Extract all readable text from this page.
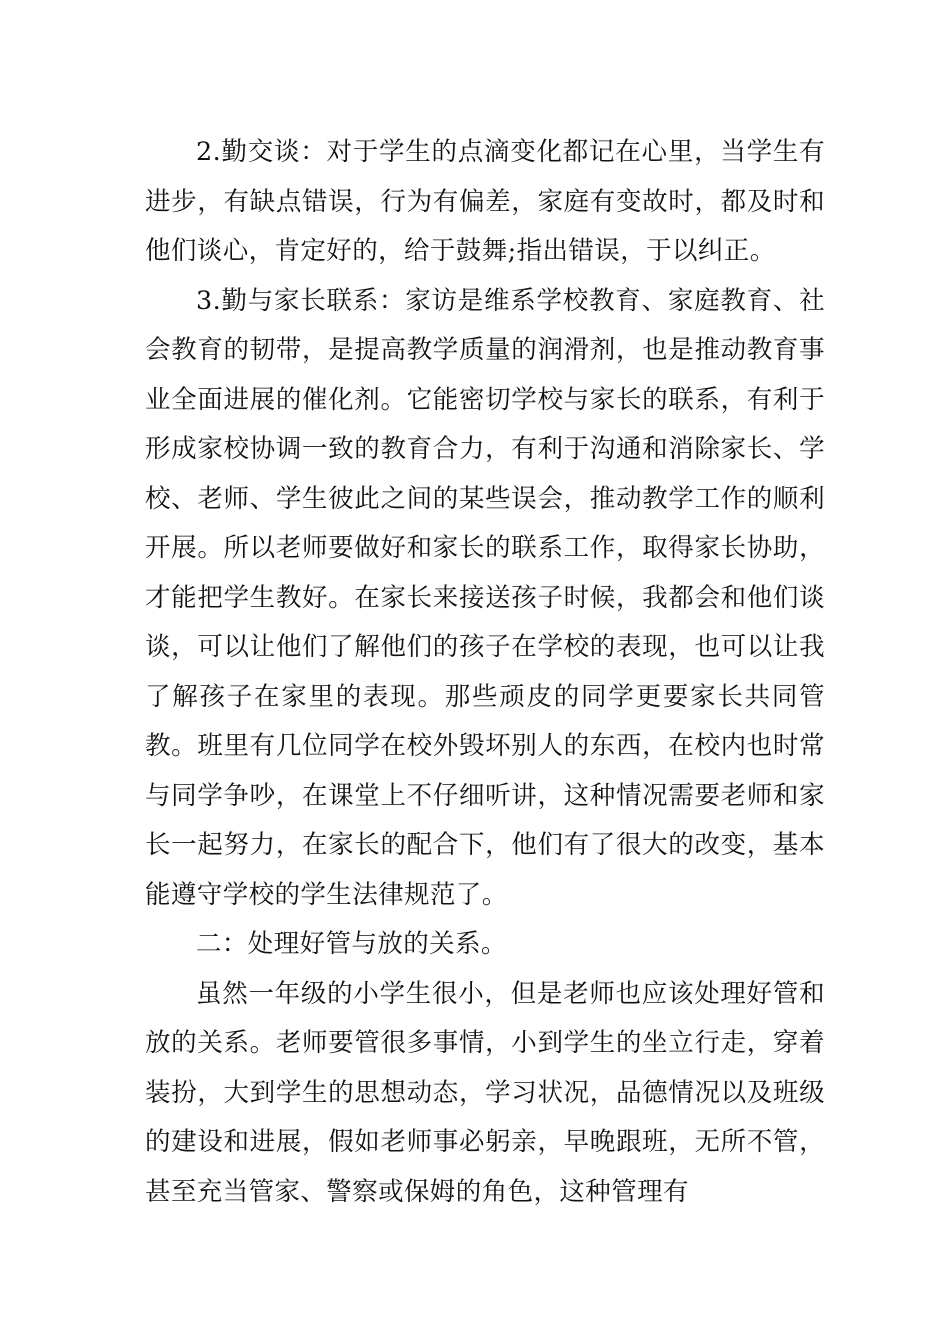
2.勤交谈：对于学生的点滴变化都记在心里，当学生有进步，有缺点错误，行为有偏差，家庭有变故时，都及时和他们谈心，肯定好的，给于鼓舞;指出错误，于以纠正。

3.勤与家长联系：家访是维系学校教育、家庭教育、社会教育的韧带，是提高教学质量的润滑剂，也是推动教育事业全面进展的催化剂。它能密切学校与家长的联系，有利于形成家校协调一致的教育合力，有利于沟通和消除家长、学校、老师、学生彼此之间的某些误会，推动教学工作的顺利开展。所以老师要做好和家长的联系工作，取得家长协助，才能把学生教好。在家长来接送孩子时候，我都会和他们谈谈，可以让他们了解他们的孩子在学校的表现，也可以让我了解孩子在家里的表现。那些顽皮的同学更要家长共同管教。班里有几位同学在校外毁坏别人的东西，在校内也时常与同学争吵，在课堂上不仔细听讲，这种情况需要老师和家长一起努力，在家长的配合下，他们有了很大的改变，基本能遵守学校的学生法律规范了。

二：处理好管与放的关系。

虽然一年级的小学生很小，但是老师也应该处理好管和放的关系。老师要管很多事情，小到学生的坐立行走，穿着装扮，大到学生的思想动态，学习状况，品德情况以及班级的建设和进展，假如老师事必躬亲，早晚跟班，无所不管，甚至充当管家、警察或保姆的角色，这种管理有
